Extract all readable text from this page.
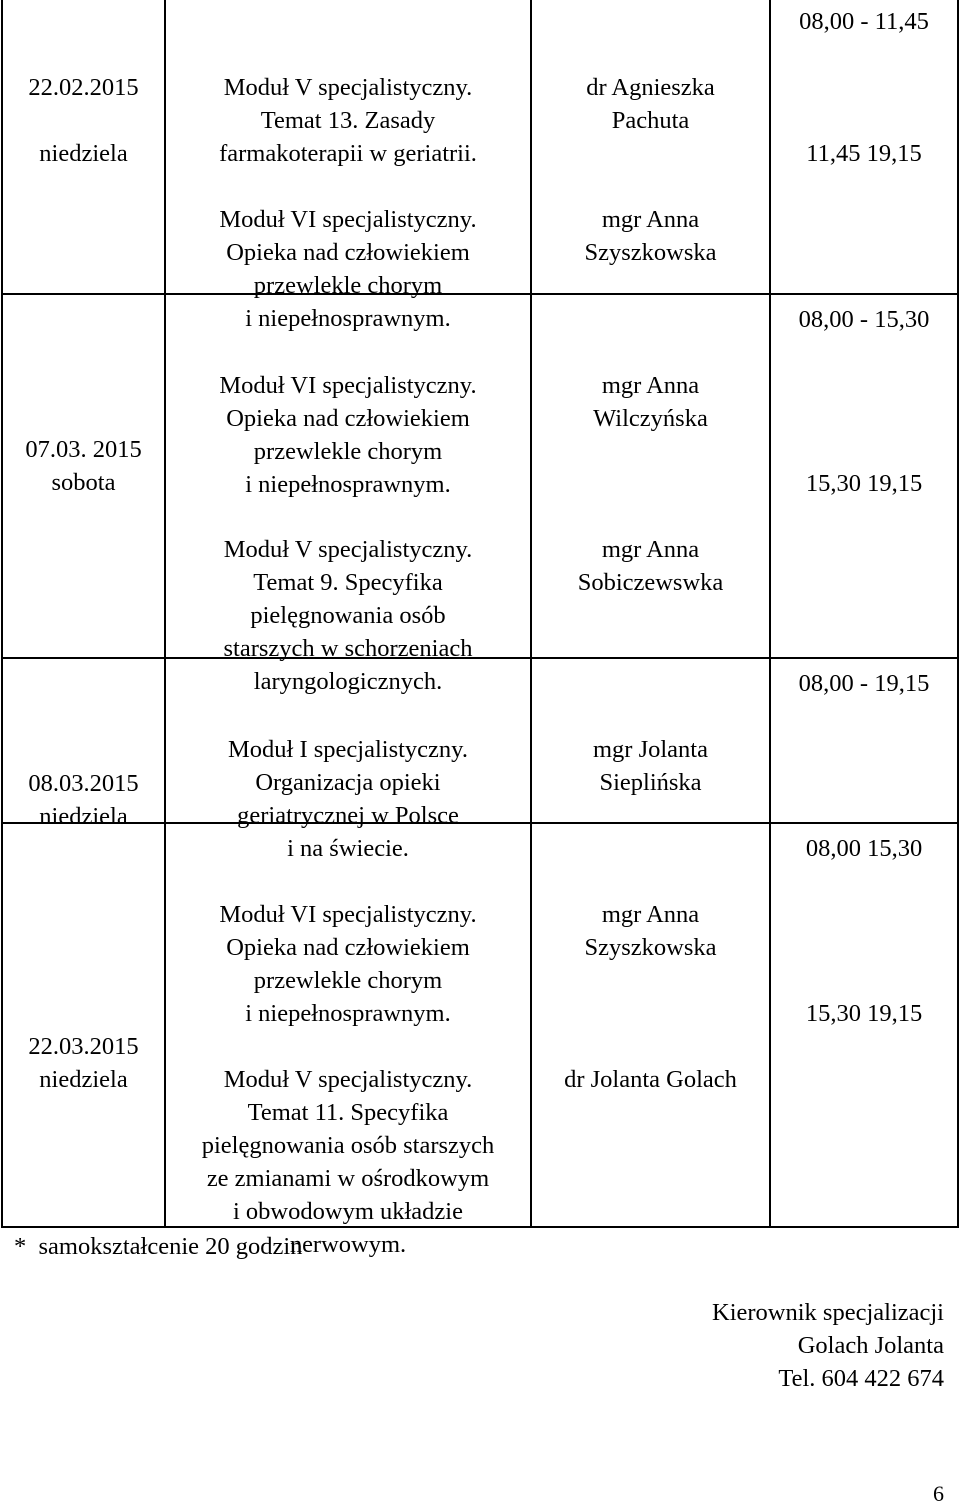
22.02.2015

niedziela

Moduł V specjalistyczny.
Temat 13. Zasady
farmakoterapii w geriatrii.

Moduł VI specjalistyczny.
Opieka nad człowiekiem
przewlekle chorym
i niepełnosprawnym.

dr Agnieszka
Pachuta

mgr Anna
Szyszkowska

08,00 - 11,45
11,45 19,15

07.03. 2015
sobota

Moduł VI specjalistyczny.
Opieka nad człowiekiem
przewlekle chorym
i niepełnosprawnym.

Moduł V specjalistyczny.
Temat 9. Specyfika
pielęgnowania osób
starszych w schorzeniach
laryngologicznych.

mgr Anna
Wilczyńska

mgr Anna
Sobiczewswka

08,00 - 15,30
15,30 19,15

08.03.2015
niedziela

Moduł I specjalistyczny.
Organizacja opieki
geriatrycznej w Polsce
i na świecie.

mgr Jolanta
Sieplińska

08,00 - 19,15

22.03.2015
niedziela

Moduł VI specjalistyczny.
Opieka nad człowiekiem
przewlekle chorym
i niepełnosprawnym.

Moduł V specjalistyczny.
Temat 11. Specyfika
pielęgnowania osób starszych
ze zmianami w ośrodkowym
i obwodowym układzie
nerwowym.

mgr Anna
Szyszkowska

dr Jolanta Golach

08,00 15,30
15,30 19,15
*  samokształcenie 20 godzin

Kierownik specjalizacji
Golach Jolanta
Tel. 604 422 674

6
